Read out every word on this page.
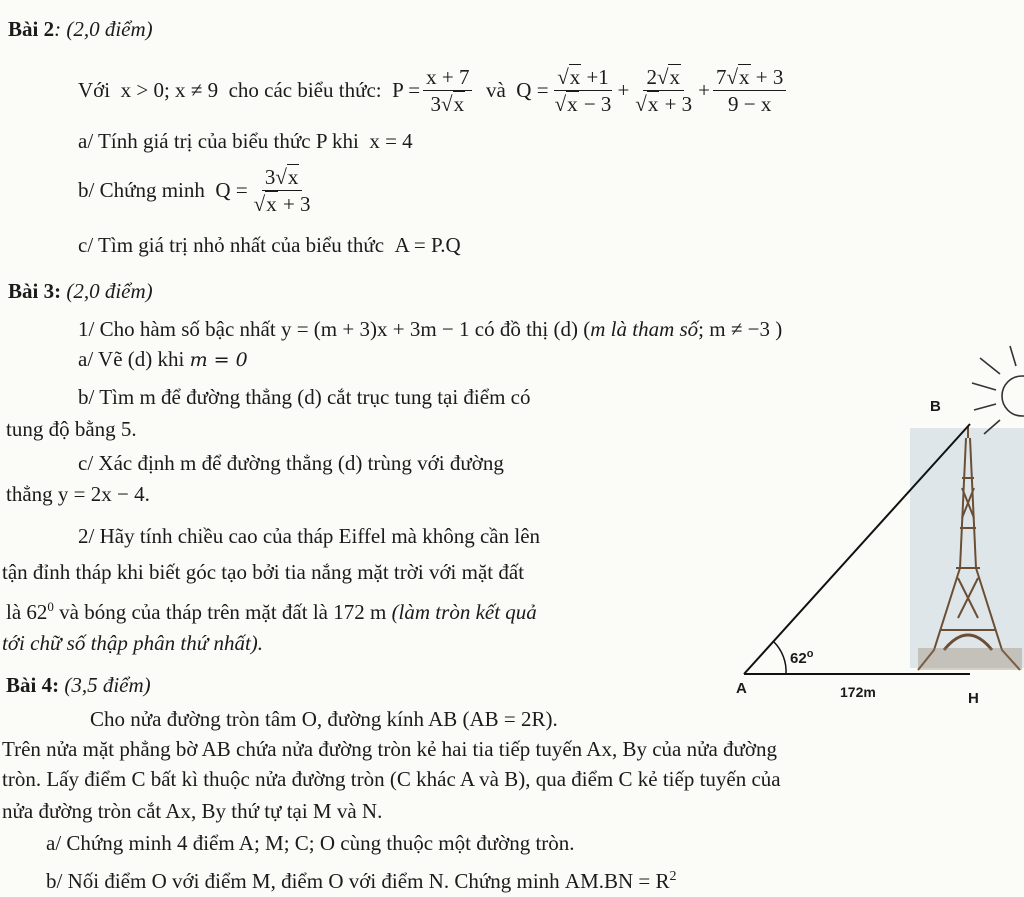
Bài 2: (2,0 điểm)
Với
x > 0; x ≠ 9
cho các biểu thức:
$P = \frac{x + 7}{3√x}$
và
$Q = \frac{√x +1}{√x - 3} + \frac{2√x}{√x + 3} + \frac{7√x + 3}{9 - x}$
a/ Tính giá trị của biểu thức P khi x = 4
b/ Chứng minh
$Q = \frac{3√x}{√x + 3}$
c/ Tìm giá trị nhỏ nhất của biểu thức A = P.Q
Bài 3: (2,0 điểm)
1/ Cho hàm số bậc nhất y = (m + 3)x + 3m − 1 có đồ thị (d) (m là tham số; m ≠ −3 )
a/ Vẽ (d) khi m = 0
b/ Tìm m để đường thẳng (d) cắt trục tung tại điểm có
tung độ bằng 5.
c/ Xác định m để đường thẳng (d) trùng với đường
thẳng y = 2x − 4.
2/ Hãy tính chiều cao của tháp Eiffel mà không cần lên
tận đỉnh tháp khi biết góc tạo bởi tia nắng mặt trời với mặt đất
là $62^0$ và bóng của tháp trên mặt đất là 172 m (làm tròn kết quả
tới chữ số thập phân thứ nhất).
B
A
H
62$^o$
172m
Bài 4: (3,5 điểm)
Cho nửa đường tròn tâm O, đường kính AB (AB = 2R).
Trên nửa mặt phẳng bờ AB chứa nửa đường tròn kẻ hai tia tiếp tuyến Ax, By của nửa đường
tròn. Lấy điểm C bất kì thuộc nửa đường tròn (C khác A và B), qua điểm C kẻ tiếp tuyến của
nửa đường tròn cắt Ax, By thứ tự tại M và N.
a/ Chứng minh 4 điểm A; M; C; O cùng thuộc một đường tròn.
b/ Nối điểm O với điểm M, điểm O với điểm N. Chứng minh $AM.BN = R^2$
